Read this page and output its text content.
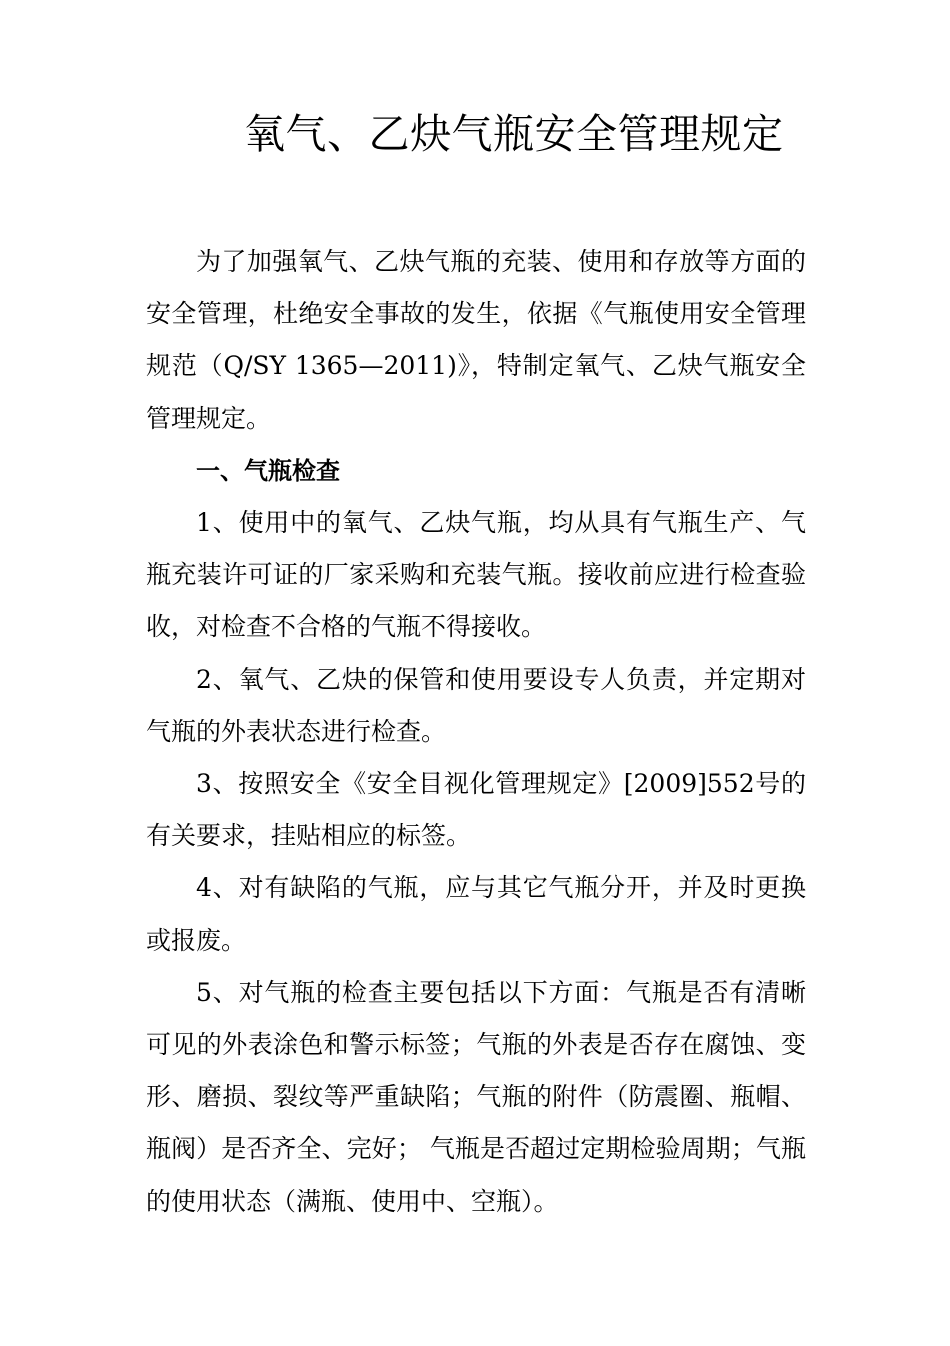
氧气、乙炔气瓶安全管理规定

为了加强氧气、乙炔气瓶的充装、使用和存放等方面的安全管理，杜绝安全事故的发生，依据《气瓶使用安全管理规范（Q/SY 1365—2011)》，特制定氧气、乙炔气瓶安全管理规定。

一、气瓶检查

1、使用中的氧气、乙炔气瓶，均从具有气瓶生产、气瓶充装许可证的厂家采购和充装气瓶。接收前应进行检查验收，对检查不合格的气瓶不得接收。

2、氧气、乙炔的保管和使用要设专人负责，并定期对气瓶的外表状态进行检查。

3、按照安全《安全目视化管理规定》[2009]552号的有关要求，挂贴相应的标签。

4、对有缺陷的气瓶，应与其它气瓶分开，并及时更换或报废。

5、对气瓶的检查主要包括以下方面：气瓶是否有清晰可见的外表涂色和警示标签；气瓶的外表是否存在腐蚀、变形、磨损、裂纹等严重缺陷；气瓶的附件（防震圈、瓶帽、瓶阀）是否齐全、完好； 气瓶是否超过定期检验周期；气瓶的使用状态（满瓶、使用中、空瓶）。
